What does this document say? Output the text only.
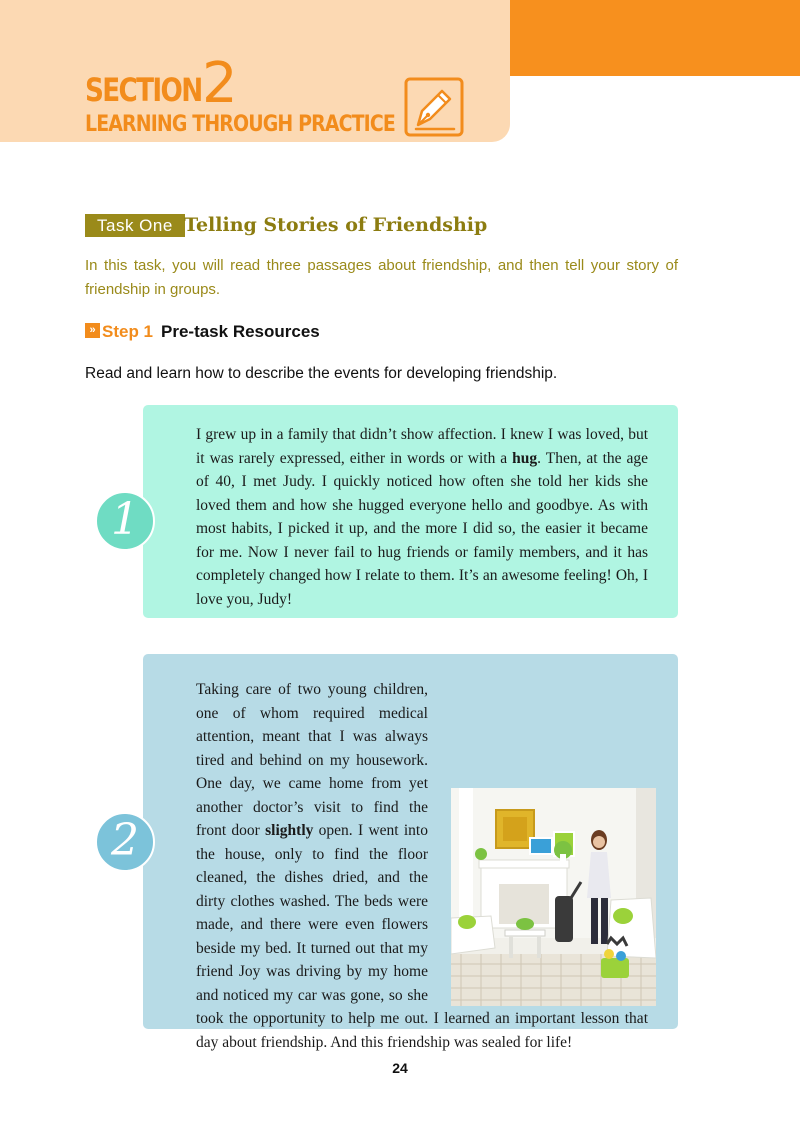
SECTION 2
LEARNING THROUGH PRACTICE
Task One Telling Stories of Friendship
In this task, you will read three passages about friendship, and then tell your story of friendship in groups.
» Step 1 Pre-task Resources
Read and learn how to describe the events for developing friendship.

I grew up in a family that didn’t show affection. I knew I was loved, but it was rarely expressed, either in words or with a hug. Then, at the age of 40, I met Judy. I quickly noticed how often she told her kids she loved them and how she hugged everyone hello and goodbye. As with most habits, I picked it up, and the more I did so, the easier it became for me. Now I never fail to hug friends or family members, and it has completely changed how I relate to them. It’s an awesome feeling! Oh, I love you, Judy!

1

Taking care of two young children, one of whom required medical attention, meant that I was always tired and behind on my housework. One day, we came home from yet another doctor’s visit to find the front door slightly open. I went into the house, only to find the floor cleaned, the dishes dried, and the dirty clothes washed. The beds were made, and there were even flowers beside my bed. It turned out that my friend Joy was driving by my home and noticed my car was gone, so she took the opportunity to help me out. I learned an important lesson that day about friendship. And this friendship was sealed for life!

2
24
